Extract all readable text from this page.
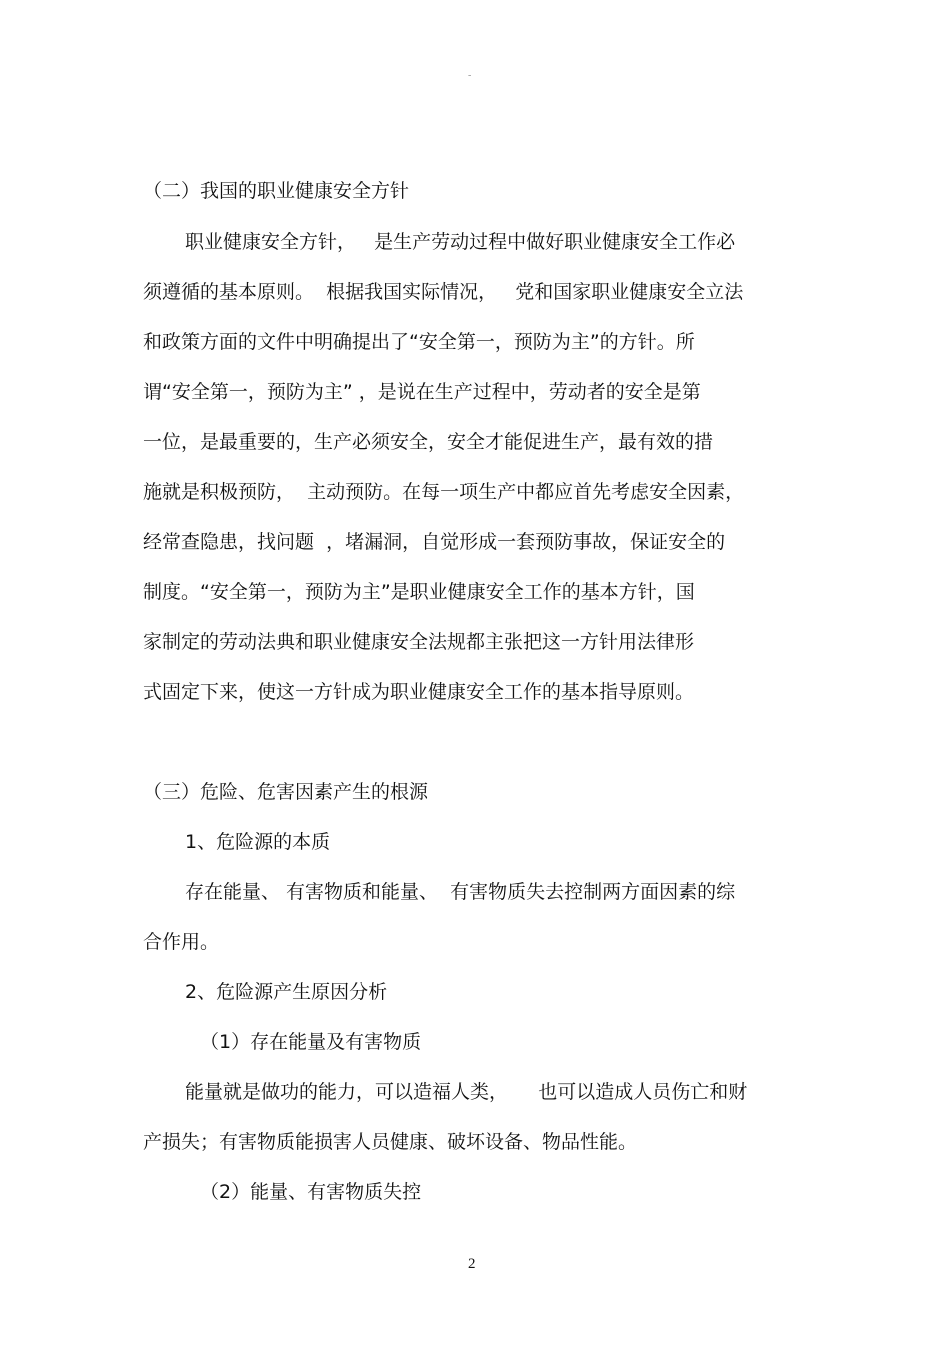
-
（二）我国的职业健康安全方针
职业健康安全方针，   是生产劳动过程中做好职业健康安全工作必
须遵循的基本原则。  根据我国实际情况，   党和国家职业健康安全立法
和政策方面的文件中明确提出了“安全第一，预防为主”的方针。所
谓“安全第一，预防为主” ，是说在生产过程中，劳动者的安全是第
一位，是最重要的，生产必须安全，安全才能促进生产，最有效的措
施就是积极预防，  主动预防。在每一项生产中都应首先考虑安全因素，
经常查隐患，找问题  ，堵漏洞，自觉形成一套预防事故，保证安全的
制度。“安全第一，预防为主”是职业健康安全工作的基本方针，国
家制定的劳动法典和职业健康安全法规都主张把这一方针用法律形
式固定下来，使这一方针成为职业健康安全工作的基本指导原则。
（三）危险、危害因素产生的根源
1、危险源的本质
存在能量、 有害物质和能量、  有害物质失去控制两方面因素的综
合作用。
2、危险源产生原因分析
（1）存在能量及有害物质
能量就是做功的能力，可以造福人类，     也可以造成人员伤亡和财
产损失；有害物质能损害人员健康、破坏设备、物品性能。
（2）能量、有害物质失控
2
